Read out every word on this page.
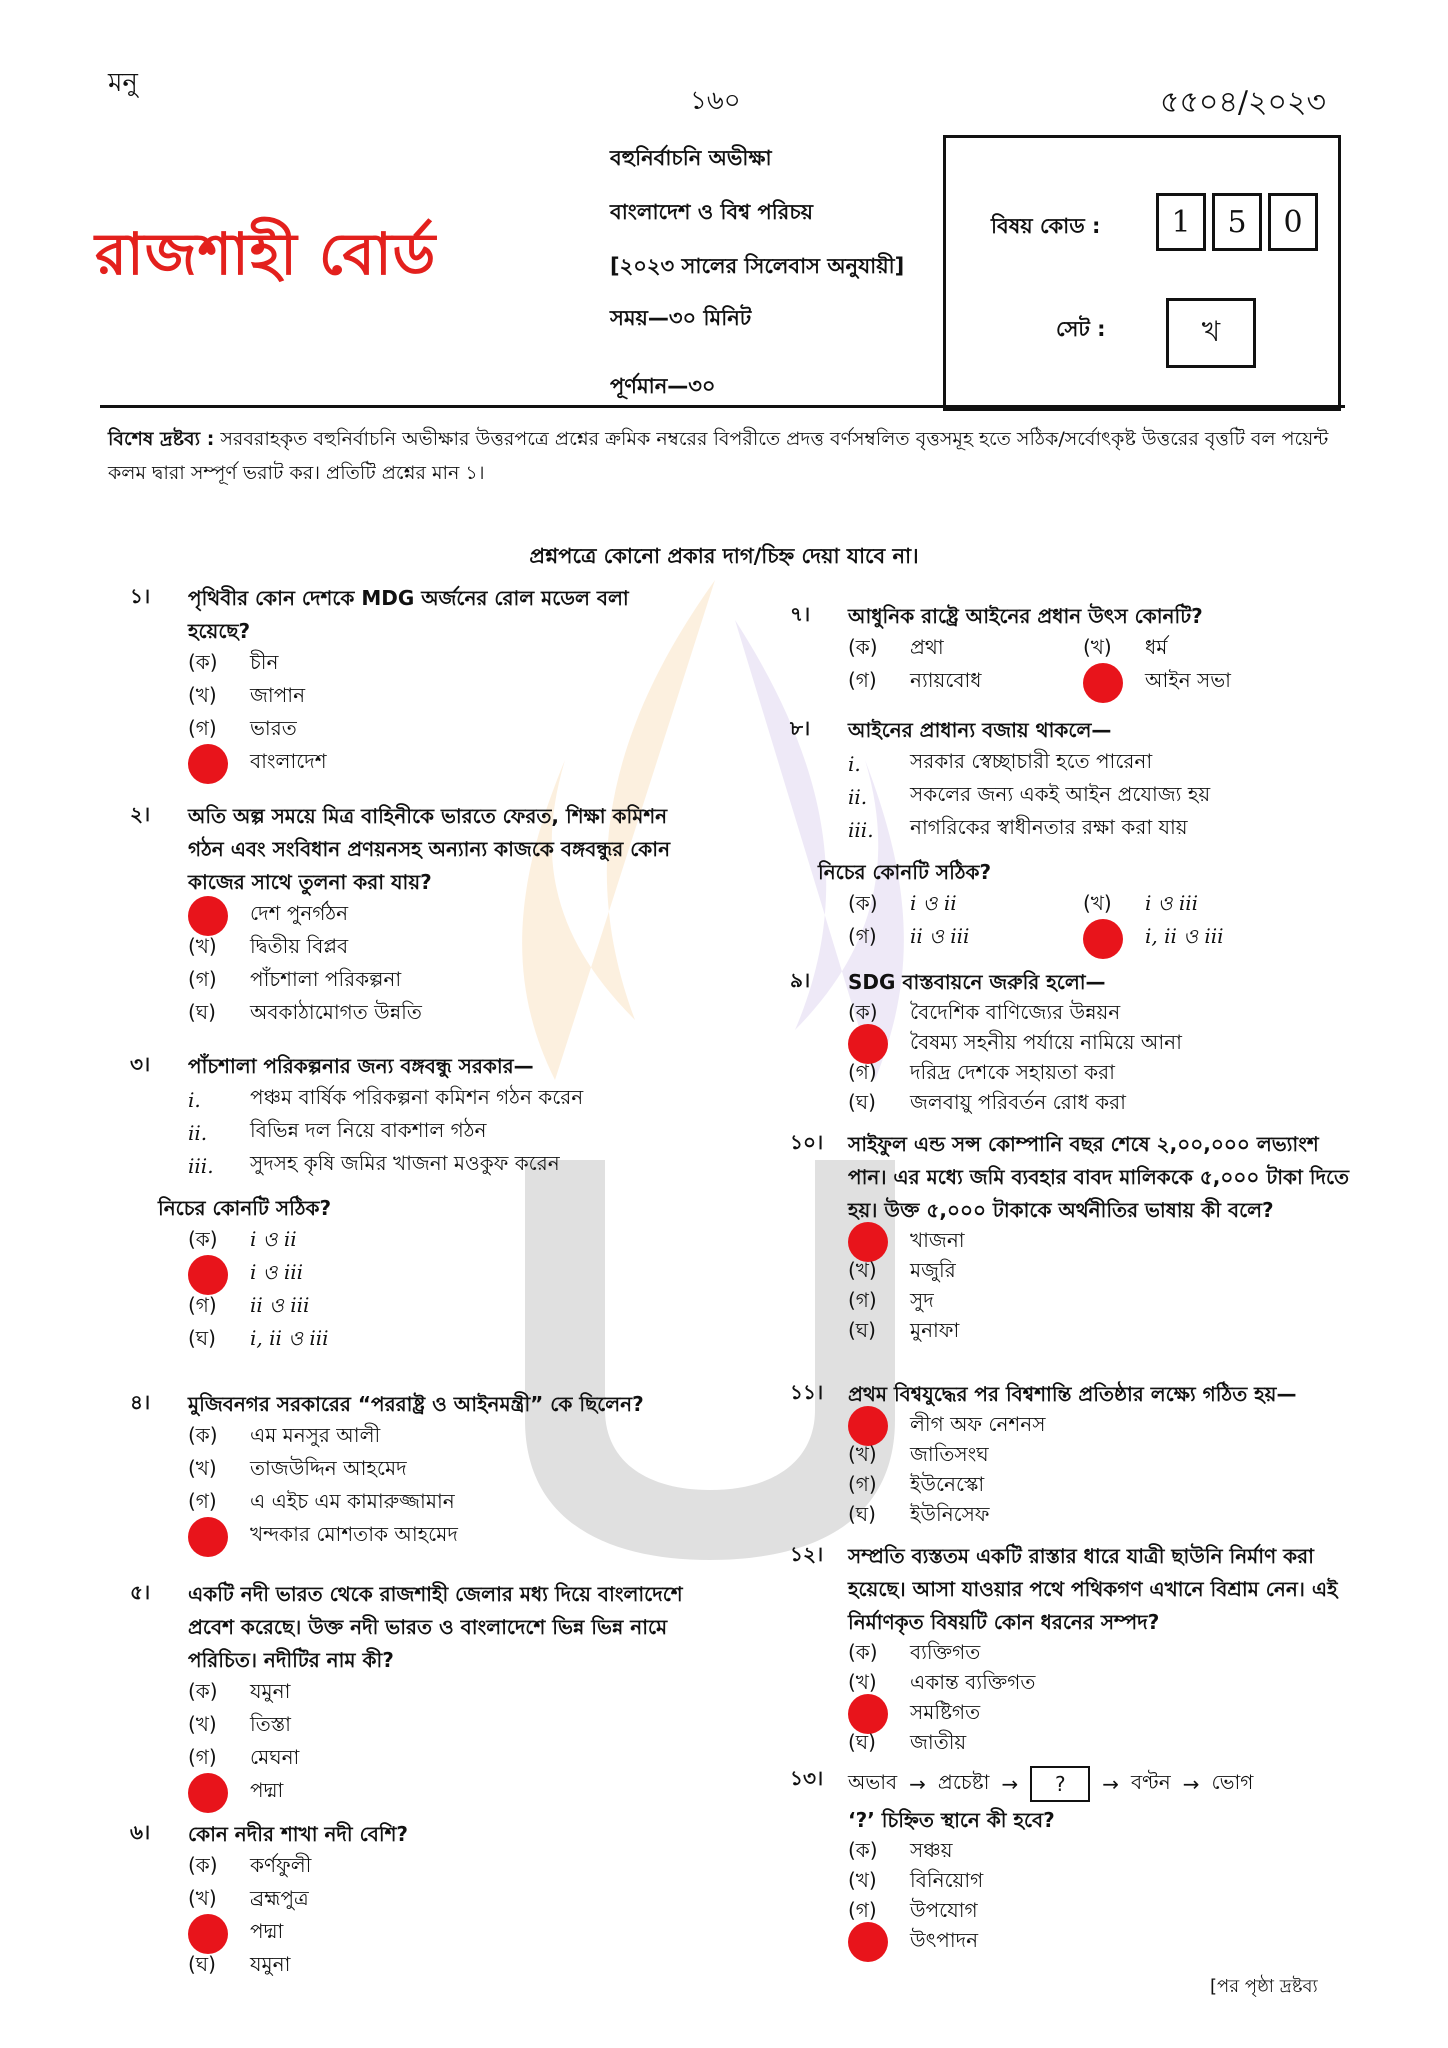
মনু
১৬০	৫৫০৪/২০২৩
রাজশাহী বোর্ড
বহুনির্বাচনি অভীক্ষা
বাংলাদেশ ও বিশ্ব পরিচয়
[২০২৩ সালের সিলেবাস অনুযায়ী]
সময়—৩০ মিনিট
পূর্ণমান—৩০
বিষয় কোড :	1	5	0
সেট :	খ
বিশেষ দ্রষ্টব্য : সরবরাহকৃত বহুনির্বাচনি অভীক্ষার উত্তরপত্রে প্রশ্নের ক্রমিক নম্বরের বিপরীতে প্রদত্ত বর্ণসম্বলিত বৃত্তসমূহ হতে সঠিক/সর্বোৎকৃষ্ট উত্তরের বৃত্তটি বল পয়েন্ট কলম দ্বারা সম্পূর্ণ ভরাট কর। প্রতিটি প্রশ্নের মান ১।
প্রশ্নপত্রে কোনো প্রকার দাগ/চিহ্ন দেয়া যাবে না।
১।	পৃথিবীর কোন দেশকে MDG অর্জনের রোল মডেল বলা হয়েছে?
(ক)	চীন
(খ)	জাপান
(গ)	ভারত
বাংলাদেশ
২।	অতি অল্প সময়ে মিত্র বাহিনীকে ভারতে ফেরত, শিক্ষা কমিশন গঠন এবং সংবিধান প্রণয়নসহ অন্যান্য কাজকে বঙ্গবন্ধুর কোন কাজের সাথে তুলনা করা যায়?
দেশ পুনর্গঠন
(খ)	দ্বিতীয় বিপ্লব
(গ)	পাঁচশালা পরিকল্পনা
(ঘ)	অবকাঠামোগত উন্নতি
৩।	পাঁচশালা পরিকল্পনার জন্য বঙ্গবন্ধু সরকার—
i.	পঞ্চম বার্ষিক পরিকল্পনা কমিশন গঠন করেন
ii.	বিভিন্ন দল নিয়ে বাকশাল গঠন
iii.	সুদসহ কৃষি জমির খাজনা মওকুফ করেন
নিচের কোনটি সঠিক?
(ক)	i ও ii
i ও iii
(গ)	ii ও iii
(ঘ)	i, ii ও iii
৪।	মুজিবনগর সরকারের “পররাষ্ট্র ও আইনমন্ত্রী” কে ছিলেন?
(ক)	এম মনসুর আলী
(খ)	তাজউদ্দিন আহমেদ
(গ)	এ এইচ এম কামারুজ্জামান
খন্দকার মোশতাক আহমেদ
৫।	একটি নদী ভারত থেকে রাজশাহী জেলার মধ্য দিয়ে বাংলাদেশে প্রবেশ করেছে। উক্ত নদী ভারত ও বাংলাদেশে ভিন্ন ভিন্ন নামে পরিচিত। নদীটির নাম কী?
(ক)	যমুনা
(খ)	তিস্তা
(গ)	মেঘনা
পদ্মা
৬।	কোন নদীর শাখা নদী বেশি?
(ক)	কর্ণফুলী
(খ)	ব্রহ্মপুত্র
পদ্মা
(ঘ)	যমুনা
৭।	আধুনিক রাষ্ট্রে আইনের প্রধান উৎস কোনটি?
(ক)	প্রথা	(খ)	ধর্ম
(গ)	ন্যায়বোধ	আইন সভা
৮।	আইনের প্রাধান্য বজায় থাকলে—
i.	সরকার স্বেচ্ছাচারী হতে পারেনা
ii.	সকলের জন্য একই আইন প্রযোজ্য হয়
iii.	নাগরিকের স্বাধীনতার রক্ষা করা যায়
নিচের কোনটি সঠিক?
(ক)	i ও ii	(খ)	i ও iii
(গ)	ii ও iii	i, ii ও iii
৯।	SDG বাস্তবায়নে জরুরি হলো—
(ক)	বৈদেশিক বাণিজ্যের উন্নয়ন
বৈষম্য সহনীয় পর্যায়ে নামিয়ে আনা
(গ)	দরিদ্র দেশকে সহায়তা করা
(ঘ)	জলবায়ু পরিবর্তন রোধ করা
১০।	সাইফুল এন্ড সন্স কোম্পানি বছর শেষে ২,০০,০০০ লভ্যাংশ পান। এর মধ্যে জমি ব্যবহার বাবদ মালিককে ৫,০০০ টাকা দিতে হয়। উক্ত ৫,০০০ টাকাকে অর্থনীতির ভাষায় কী বলে?
খাজনা
(খ)	মজুরি
(গ)	সুদ
(ঘ)	মুনাফা
১১।	প্রথম বিশ্বযুদ্ধের পর বিশ্বশান্তি প্রতিষ্ঠার লক্ষ্যে গঠিত হয়—
লীগ অফ নেশনস
(খ)	জাতিসংঘ
(গ)	ইউনেস্কো
(ঘ)	ইউনিসেফ
১২।	সম্প্রতি ব্যস্ততম একটি রাস্তার ধারে যাত্রী ছাউনি নির্মাণ করা হয়েছে। আসা যাওয়ার পথে পথিকগণ এখানে বিশ্রাম নেন। এই নির্মাণকৃত বিষয়টি কোন ধরনের সম্পদ?
(ক)	ব্যক্তিগত
(খ)	একান্ত ব্যক্তিগত
সমষ্টিগত
(ঘ)	জাতীয়
১৩।	অভাব → প্রচেষ্টা →	?	→ বণ্টন → ভোগ
‘?’ চিহ্নিত স্থানে কী হবে?
(ক)	সঞ্চয়
(খ)	বিনিয়োগ
(গ)	উপযোগ
উৎপাদন
[পর পৃষ্ঠা দ্রষ্টব্য
